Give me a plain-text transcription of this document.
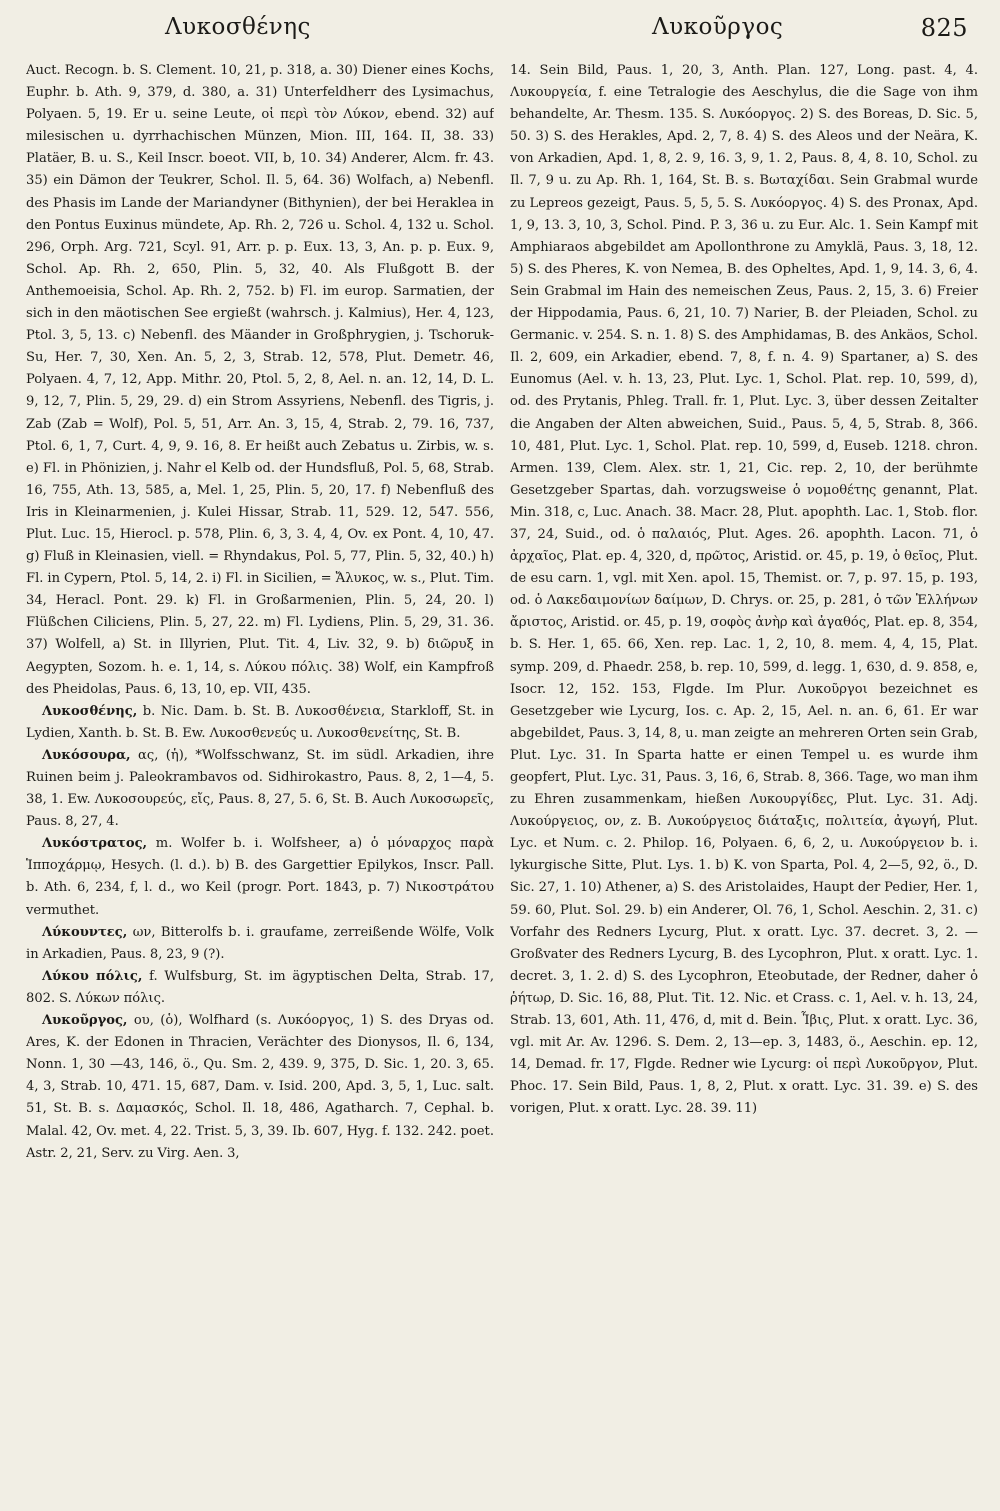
Λυκοσθένης	Λυκοῦργος	825

Auct. Recogn. b. S. Clement. 10, 21, p. 318, a. 30) Diener eines Kochs, Euphr. b. Ath. 9, 379, d. 380, a. 31) Unterfeldherr des Lysimachus, Polyaen. 5, 19. Er u. seine Leute, οἱ περὶ τὸν Λύκον, ebend. 32) auf milesischen u. dyrrhachischen Münzen, Mion. III, 164. II, 38. 33) Platäer, B. u. S., Keil Inscr. boeot. VII, b, 10. 34) Anderer, Alcm. fr. 43. 35) ein Dämon der Teukrer, Schol. Il. 5, 64. 36) Wolfach, a) Nebenfl. des Phasis im Lande der Mariandyner (Bithynien), der bei Heraklea in den Pontus Euxinus mündete, Ap. Rh. 2, 726 u. Schol. 4, 132 u. Schol. 296, Orph. Arg. 721, Scyl. 91, Arr. p. p. Eux. 13, 3, An. p. p. Eux. 9, Schol. Ap. Rh. 2, 650, Plin. 5, 32, 40. Als Flußgott B. der Anthemoeisia, Schol. Ap. Rh. 2, 752. b) Fl. im europ. Sarmatien, der sich in den mäotischen See ergießt (wahrsch. j. Kalmius), Her. 4, 123, Ptol. 3, 5, 13. c) Nebenfl. des Mäander in Großphrygien, j. Tschoruk-Su, Her. 7, 30, Xen. An. 5, 2, 3, Strab. 12, 578, Plut. Demetr. 46, Polyaen. 4, 7, 12, App. Mithr. 20, Ptol. 5, 2, 8, Ael. n. an. 12, 14, D. L. 9, 12, 7, Plin. 5, 29, 29. d) ein Strom Assyriens, Nebenfl. des Tigris, j. Zab (Zab = Wolf), Pol. 5, 51, Arr. An. 3, 15, 4, Strab. 2, 79. 16, 737, Ptol. 6, 1, 7, Curt. 4, 9, 9. 16, 8. Er heißt auch Zebatus u. Zirbis, w. s. e) Fl. in Phönizien, j. Nahr el Kelb od. der Hundsfluß, Pol. 5, 68, Strab. 16, 755, Ath. 13, 585, a, Mel. 1, 25, Plin. 5, 20, 17. f) Nebenfluß des Iris in Kleinarmenien, j. Kulei Hissar, Strab. 11, 529. 12, 547. 556, Plut. Luc. 15, Hierocl. p. 578, Plin. 6, 3, 3. 4, 4, Ov. ex Pont. 4, 10, 47. g) Fluß in Kleinasien, viell. = Rhyndakus, Pol. 5, 77, Plin. 5, 32, 40.) h) Fl. in Cypern, Ptol. 5, 14, 2. i) Fl. in Sicilien, = Ἄλυκος, w. s., Plut. Tim. 34, Heracl. Pont. 29. k) Fl. in Großarmenien, Plin. 5, 24, 20. l) Flüßchen Ciliciens, Plin. 5, 27, 22. m) Fl. Lydiens, Plin. 5, 29, 31. 36. 37) Wolfell, a) St. in Illyrien, Plut. Tit. 4, Liv. 32, 9. b) διῶρυξ in Aegypten, Sozom. h. e. 1, 14, s. Λύκου πόλις. 38) Wolf, ein Kampfroß des Pheidolas, Paus. 6, 13, 10, ep. VII, 435.

Λυκοσθένης, b. Nic. Dam. b. St. B. Λυκοσθένεια, Starkloff, St. in Lydien, Xanth. b. St. B. Ew. Λυκοσθενεύς u. Λυκοσθενείτης, St. B.

Λυκόσουρα, ας, (ἡ), *Wolfsschwanz, St. im südl. Arkadien, ihre Ruinen beim j. Paleokrambavos od. Sidhirokastro, Paus. 8, 2, 1—4, 5. 38, 1. Ew. Λυκοσουρεύς, εἴς, Paus. 8, 27, 5. 6, St. B. Auch Λυκοσωρεῖς, Paus. 8, 27, 4.

Λυκόστρατος, m. Wolfer b. i. Wolfsheer, a) ὁ μόναρχος παρὰ Ἱπποχάρμῳ, Hesych. (l. d.). b) B. des Gargettier Epilykos, Inscr. Pall. b. Ath. 6, 234, f, l. d., wo Keil (progr. Port. 1843, p. 7) Νικοστράτου vermuthet.

Λύκουντες, ων, Bitterolfs b. i. graufame, zerreißende Wölfe, Volk in Arkadien, Paus. 8, 23, 9 (?).

Λύκου πόλις, f. Wulfsburg, St. im ägyptischen Delta, Strab. 17, 802. S. Λύκων πόλις.

Λυκοῦργος, ου, (ὁ), Wolfhard (s. Λυκόοργος, 1) S. des Dryas od. Ares, K. der Edonen in Thracien, Verächter des Dionysos, Il. 6, 134, Nonn. 1, 30 —43, 146, ö., Qu. Sm. 2, 439. 9, 375, D. Sic. 1, 20. 3, 65. 4, 3, Strab. 10, 471. 15, 687, Dam. v. Isid. 200, Apd. 3, 5, 1, Luc. salt. 51, St. B. s. Δαμασκός, Schol. Il. 18, 486, Agatharch. 7, Cephal. b. Malal. 42, Ov. met. 4, 22. Trist. 5, 3, 39. Ib. 607, Hyg. f. 132. 242. poet. Astr. 2, 21, Serv. zu Virg. Aen. 3,

14. Sein Bild, Paus. 1, 20, 3, Anth. Plan. 127, Long. past. 4, 4. Λυκουργεία, f. eine Tetralogie des Aeschylus, die die Sage von ihm behandelte, Ar. Thesm. 135. S. Λυκόοργος. 2) S. des Boreas, D. Sic. 5, 50. 3) S. des Herakles, Apd. 2, 7, 8. 4) S. des Aleos und der Neära, K. von Arkadien, Apd. 1, 8, 2. 9, 16. 3, 9, 1. 2, Paus. 8, 4, 8. 10, Schol. zu Il. 7, 9 u. zu Ap. Rh. 1, 164, St. B. s. Βωταχίδαι. Sein Grabmal wurde zu Lepreos gezeigt, Paus. 5, 5, 5. S. Λυκόοργος. 4) S. des Pronax, Apd. 1, 9, 13. 3, 10, 3, Schol. Pind. P. 3, 36 u. zu Eur. Alc. 1. Sein Kampf mit Amphiaraos abgebildet am Apollonthrone zu Amyklä, Paus. 3, 18, 12. 5) S. des Pheres, K. von Nemea, B. des Opheltes, Apd. 1, 9, 14. 3, 6, 4. Sein Grabmal im Hain des nemeischen Zeus, Paus. 2, 15, 3. 6) Freier der Hippodamia, Paus. 6, 21, 10. 7) Narier, B. der Pleiaden, Schol. zu Germanic. v. 254. S. n. 1. 8) S. des Amphidamas, B. des Ankäos, Schol. Il. 2, 609, ein Arkadier, ebend. 7, 8, f. n. 4. 9) Spartaner, a) S. des Eunomus (Ael. v. h. 13, 23, Plut. Lyc. 1, Schol. Plat. rep. 10, 599, d), od. des Prytanis, Phleg. Trall. fr. 1, Plut. Lyc. 3, über dessen Zeitalter die Angaben der Alten abweichen, Suid., Paus. 5, 4, 5, Strab. 8, 366. 10, 481, Plut. Lyc. 1, Schol. Plat. rep. 10, 599, d, Euseb. 1218. chron. Armen. 139, Clem. Alex. str. 1, 21, Cic. rep. 2, 10, der berühmte Gesetzgeber Spartas, dah. vorzugsweise ὁ νομοθέτης genannt, Plat. Min. 318, c, Luc. Anach. 38. Macr. 28, Plut. apophth. Lac. 1, Stob. flor. 37, 24, Suid., od. ὁ παλαιός, Plut. Ages. 26. apophth. Lacon. 71, ὁ ἀρχαῖος, Plat. ep. 4, 320, d, πρῶτος, Aristid. or. 45, p. 19, ὁ θεῖος, Plut. de esu carn. 1, vgl. mit Xen. apol. 15, Themist. or. 7, p. 97. 15, p. 193, od. ὁ Λακεδαιμονίων δαίμων, D. Chrys. or. 25, p. 281, ὁ τῶν Ἑλλήνων ἄριστος, Aristid. or. 45, p. 19, σοφὸς ἀνὴρ καὶ ἀγαθός, Plat. ep. 8, 354, b. S. Her. 1, 65. 66, Xen. rep. Lac. 1, 2, 10, 8. mem. 4, 4, 15, Plat. symp. 209, d. Phaedr. 258, b. rep. 10, 599, d. legg. 1, 630, d. 9. 858, e, Isocr. 12, 152. 153, Flgde. Im Plur. Λυκοῦργοι bezeichnet es Gesetzgeber wie Lycurg, Ios. c. Ap. 2, 15, Ael. n. an. 6, 61. Er war abgebildet, Paus. 3, 14, 8, u. man zeigte an mehreren Orten sein Grab, Plut. Lyc. 31. In Sparta hatte er einen Tempel u. es wurde ihm geopfert, Plut. Lyc. 31, Paus. 3, 16, 6, Strab. 8, 366. Tage, wo man ihm zu Ehren zusammenkam, hießen Λυκουργίδες, Plut. Lyc. 31. Adj. Λυκούργειος, ον, z. B. Λυκούργειος διάταξις, πολιτεία, ἀγωγή, Plut. Lyc. et Num. c. 2. Philop. 16, Polyaen. 6, 6, 2, u. Λυκούργειον b. i. lykurgische Sitte, Plut. Lys. 1. b) K. von Sparta, Pol. 4, 2—5, 92, ö., D. Sic. 27, 1. 10) Athener, a) S. des Aristolaides, Haupt der Pedier, Her. 1, 59. 60, Plut. Sol. 29. b) ein Anderer, Ol. 76, 1, Schol. Aeschin. 2, 31. c) Vorfahr des Redners Lycurg, Plut. x oratt. Lyc. 37. decret. 3, 2. — Großvater des Redners Lycurg, B. des Lycophron, Plut. x oratt. Lyc. 1. decret. 3, 1. 2. d) S. des Lycophron, Eteobutade, der Redner, daher ὁ ῥήτωρ, D. Sic. 16, 88, Plut. Tit. 12. Nic. et Crass. c. 1, Ael. v. h. 13, 24, Strab. 13, 601, Ath. 11, 476, d, mit d. Bein. Ἶβις, Plut. x oratt. Lyc. 36, vgl. mit Ar. Av. 1296. S. Dem. 2, 13—ep. 3, 1483, ö., Aeschin. ep. 12, 14, Demad. fr. 17, Flgde. Redner wie Lycurg: οἱ περὶ Λυκοῦργον, Plut. Phoc. 17. Sein Bild, Paus. 1, 8, 2, Plut. x oratt. Lyc. 31. 39. e) S. des vorigen, Plut. x oratt. Lyc. 28. 39. 11)
